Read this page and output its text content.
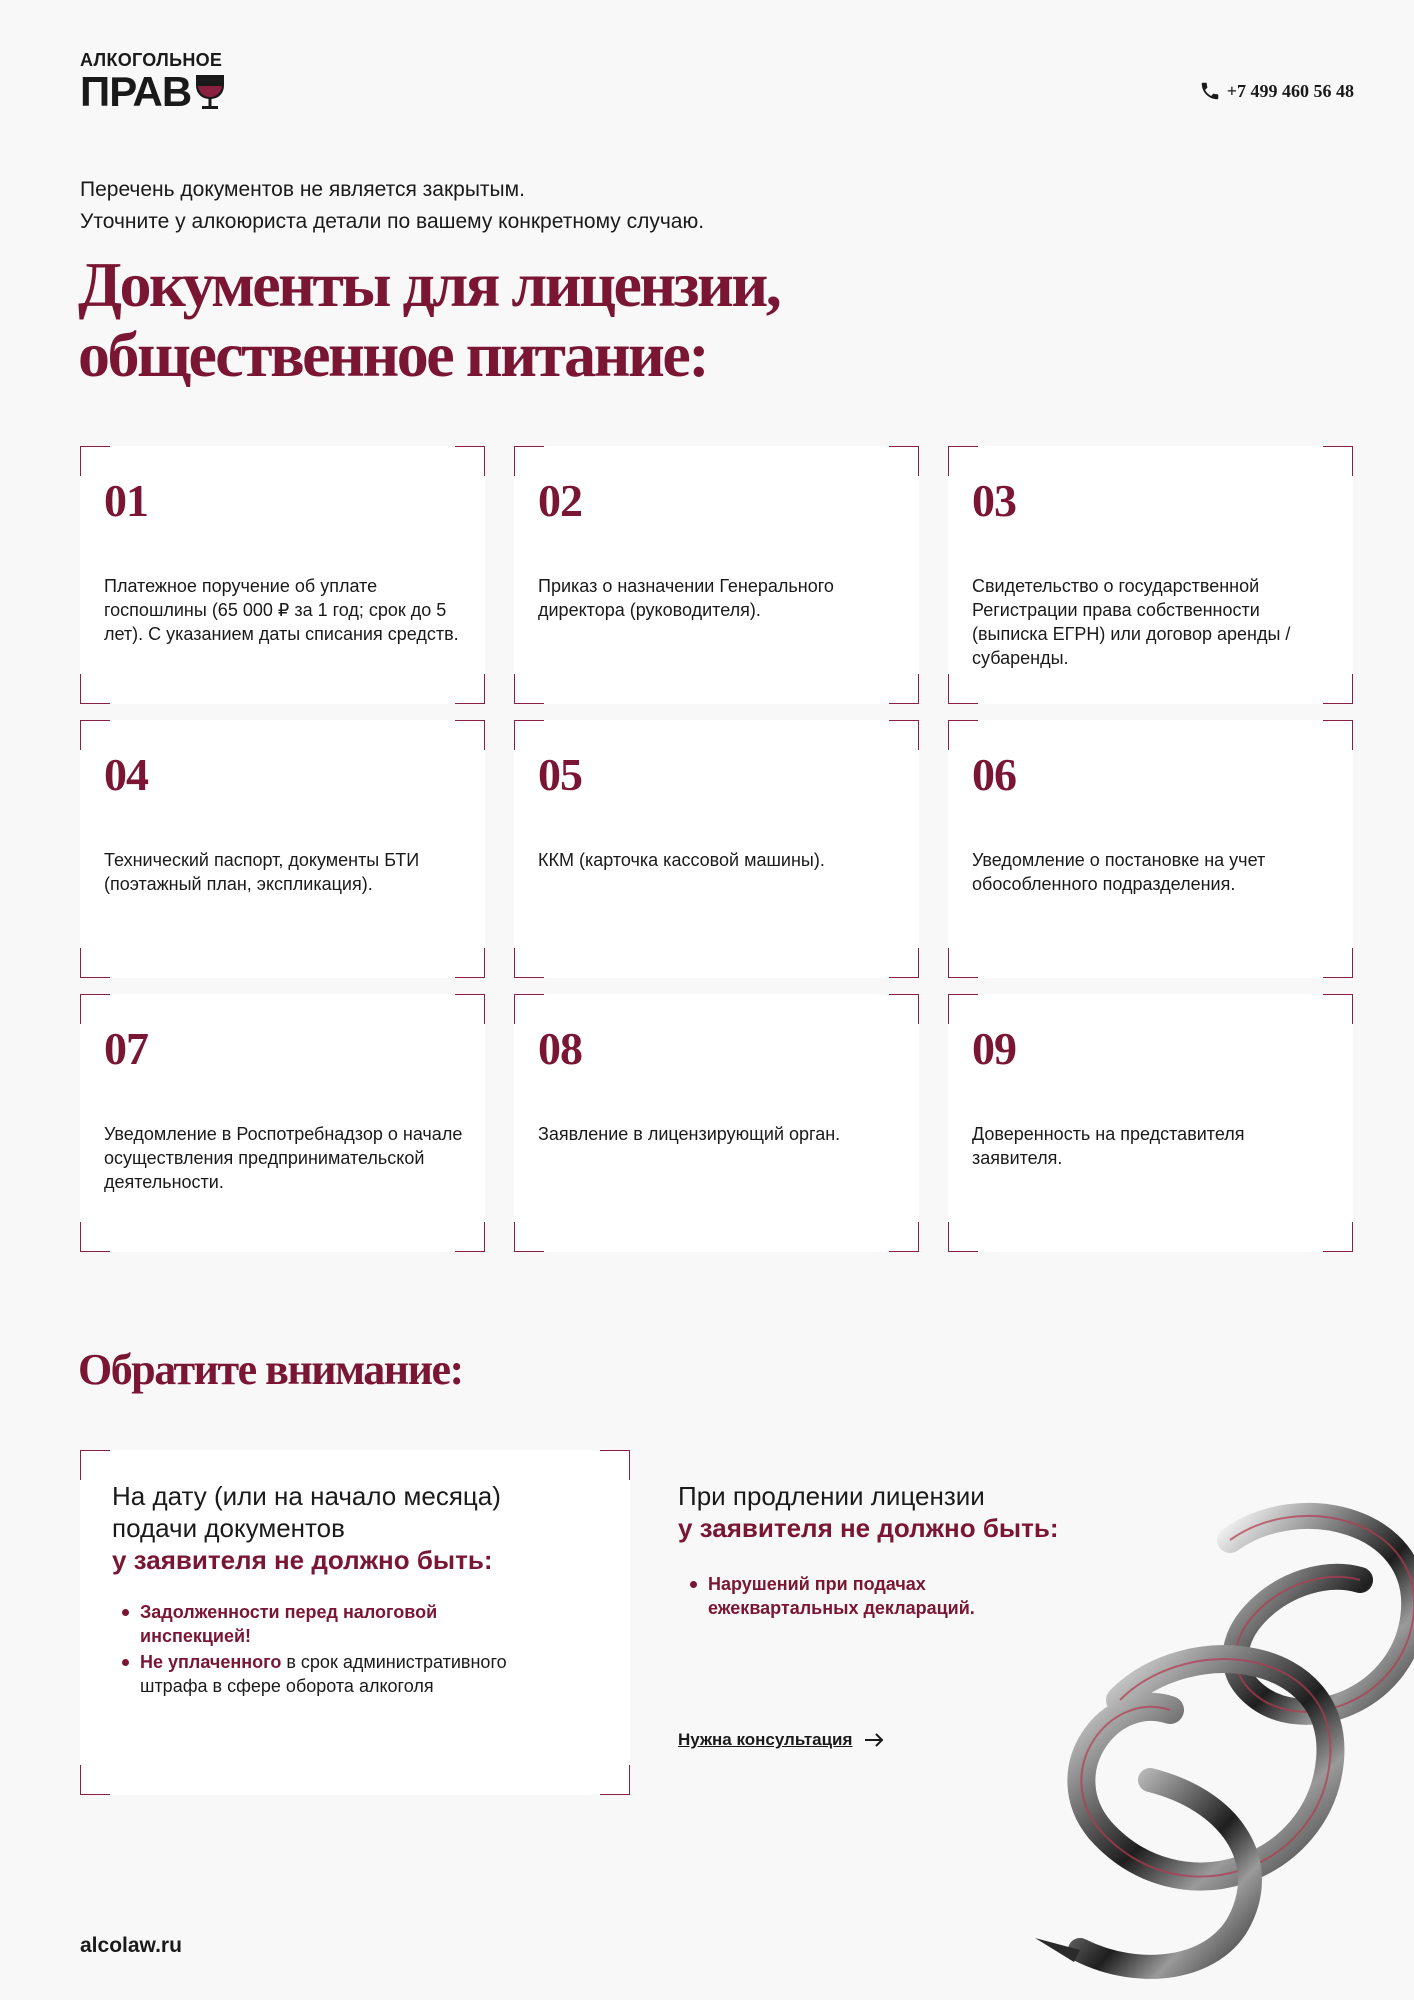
АЛКОГОЛЬНОЕ
ПРАВ	+7 499 460 56 48
Перечень документов не является закрытым.
Уточните у алкоюриста детали по вашему конкретному случаю.
Документы для лицензии,
общественное питание:
01
Платежное поручение об уплате госпошлины (65 000 ₽ за 1 год; срок до 5 лет). С указанием даты списания средств.
02
Приказ о назначении Генерального директора (руководителя).
03
Свидетельство о государственной Регистрации права собственности (выписка ЕГРН) или договор аренды / субаренды.
04
Технический паспорт, документы БТИ (поэтажный план, экспликация).
05
ККМ (карточка кассовой машины).
06
Уведомление о постановке на учет обособленного подразделения.
07
Уведомление в Роспотребнадзор о начале осуществления предпринимательской деятельности.
08
Заявление в лицензирующий орган.
09
Доверенность на представителя заявителя.
Обратите внимание:
На дату (или на начало месяца)
подачи документов
у заявителя не должно быть:
Задолженности перед налоговой инспекцией!
Не уплаченного в срок административного штрафа в сфере оборота алкоголя
При продлении лицензии
у заявителя не должно быть:
Нарушений при подачах ежеквартальных деклараций.
Нужна консультация
alcolaw.ru
